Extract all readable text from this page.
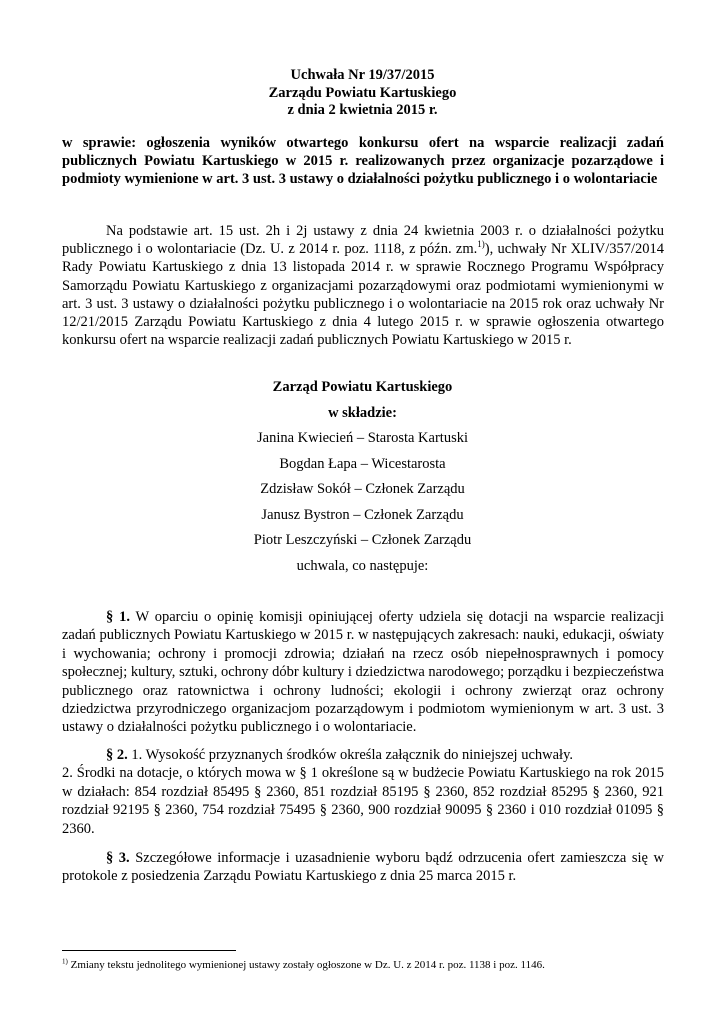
Uchwała Nr 19/37/2015
Zarządu Powiatu Kartuskiego
z dnia 2 kwietnia 2015 r.
w sprawie: ogłoszenia wyników otwartego konkursu ofert na wsparcie realizacji zadań publicznych Powiatu Kartuskiego w 2015 r. realizowanych przez organizacje pozarządowe i podmioty wymienione w art. 3 ust. 3 ustawy o działalności pożytku publicznego i o wolontariacie
Na podstawie art. 15 ust. 2h i 2j ustawy z dnia 24 kwietnia 2003 r. o działalności pożytku publicznego i o wolontariacie (Dz. U. z 2014 r. poz. 1118, z późn. zm.$^{1)}$), uchwały Nr XLIV/357/2014 Rady Powiatu Kartuskiego z dnia 13 listopada 2014 r. w sprawie Rocznego Programu Współpracy Samorządu Powiatu Kartuskiego z organizacjami pozarządowymi oraz podmiotami wymienionymi w art. 3 ust. 3 ustawy o działalności pożytku publicznego i o wolontariacie na 2015 rok oraz uchwały Nr 12/21/2015 Zarządu Powiatu Kartuskiego z dnia 4 lutego 2015 r. w sprawie ogłoszenia otwartego konkursu ofert na wsparcie realizacji zadań publicznych Powiatu Kartuskiego w 2015 r.
Zarząd Powiatu Kartuskiego
w składzie:
Janina Kwiecień – Starosta Kartuski
Bogdan Łapa – Wicestarosta
Zdzisław Sokół – Członek Zarządu
Janusz Bystron – Członek Zarządu
Piotr Leszczyński – Członek Zarządu
uchwala, co następuje:
§ 1. W oparciu o opinię komisji opiniującej oferty udziela się dotacji na wsparcie realizacji zadań publicznych Powiatu Kartuskiego w 2015 r. w następujących zakresach: nauki, edukacji, oświaty i wychowania; ochrony i promocji zdrowia; działań na rzecz osób niepełnosprawnych i pomocy społecznej; kultury, sztuki, ochrony dóbr kultury i dziedzictwa narodowego; porządku i bezpieczeństwa publicznego oraz ratownictwa i ochrony ludności; ekologii i ochrony zwierząt oraz ochrony dziedzictwa przyrodniczego organizacjom pozarządowym i podmiotom wymienionym w art. 3 ust. 3 ustawy o działalności pożytku publicznego i o wolontariacie.
§ 2. 1. Wysokość przyznanych środków określa załącznik do niniejszej uchwały.
2. Środki na dotacje, o których mowa w § 1 określone są w budżecie Powiatu Kartuskiego na rok 2015 w działach: 854 rozdział 85495 § 2360, 851 rozdział 85195 § 2360, 852 rozdział 85295 § 2360, 921 rozdział 92195 § 2360, 754 rozdział 75495 § 2360, 900 rozdział 90095 § 2360 i 010 rozdział 01095 § 2360.
§ 3. Szczegółowe informacje i uzasadnienie wyboru bądź odrzucenia ofert zamieszcza się w protokole z posiedzenia Zarządu Powiatu Kartuskiego z dnia 25 marca 2015 r.
$^{1)}$ Zmiany tekstu jednolitego wymienionej ustawy zostały ogłoszone w Dz. U. z 2014 r. poz. 1138 i poz. 1146.
